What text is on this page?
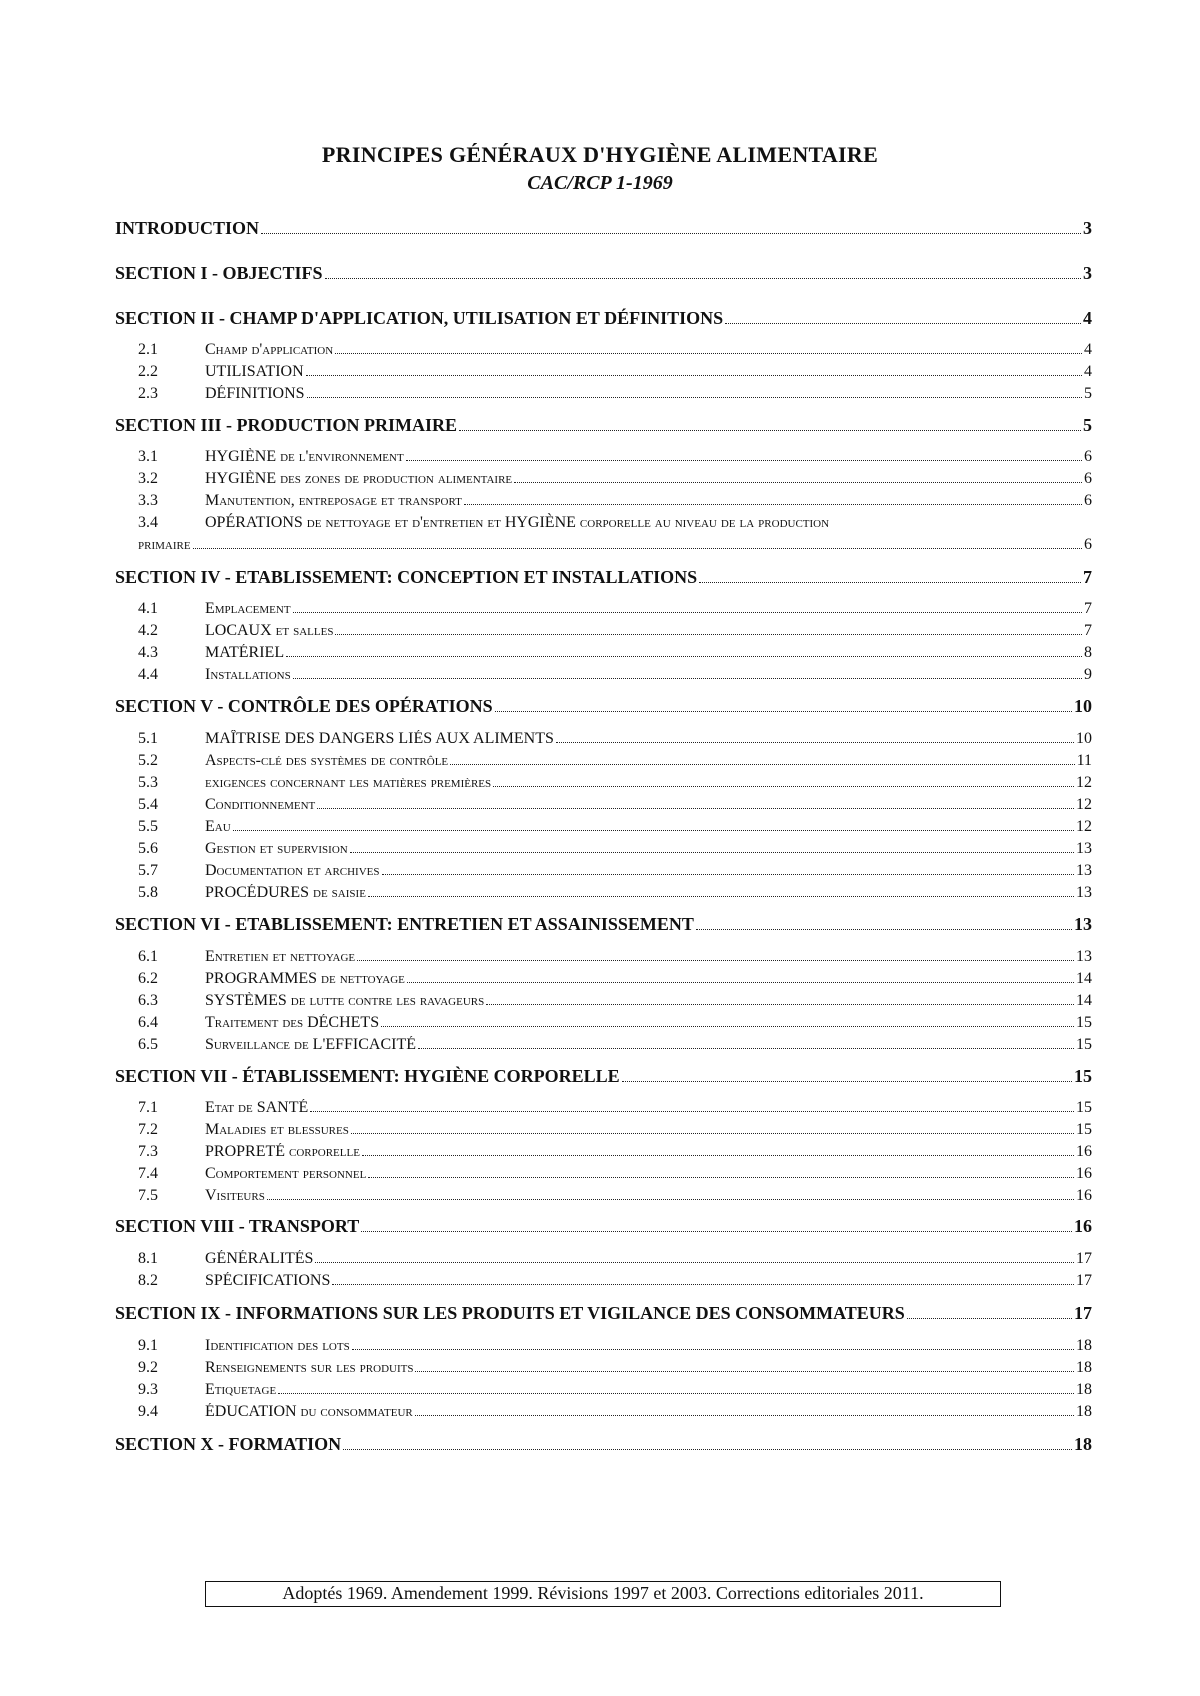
PRINCIPES GÉNÉRAUX D'HYGIÈNE ALIMENTAIRE
CAC/RCP 1-1969
INTRODUCTION	3
SECTION I - OBJECTIFS	3
SECTION II - CHAMP D'APPLICATION, UTILISATION ET DÉFINITIONS	4
2.1	Champ d'application	4
2.2	UTILISATION	4
2.3	DÉFINITIONS	5
SECTION III - PRODUCTION PRIMAIRE	5
3.1	HYGIÈNE de l'environnement	6
3.2	HYGIÈNE des zones de production alimentaire	6
3.3	Manutention, entreposage et transport	6
3.4	OPÉRATIONS de nettoyage et d'entretien et HYGIÈNE corporelle au niveau de la production
primaire	6
SECTION IV - ETABLISSEMENT: CONCEPTION ET INSTALLATIONS	7
4.1	Emplacement	7
4.2	LOCAUX et salles	7
4.3	MATÉRIEL	8
4.4	Installations	9
SECTION V - CONTRÔLE DES OPÉRATIONS	10
5.1	MAÎTRISE DES DANGERS LIÉS AUX ALIMENTS	10
5.2	Aspects-clé des systèmes de contrôle	11
5.3	exigences concernant les matières premières	12
5.4	Conditionnement	12
5.5	Eau	12
5.6	Gestion et supervision	13
5.7	Documentation et archives	13
5.8	PROCÉDURES de saisie	13
SECTION VI - ETABLISSEMENT: ENTRETIEN ET ASSAINISSEMENT	13
6.1	Entretien et nettoyage	13
6.2	PROGRAMMES de nettoyage	14
6.3	SYSTÈMES de lutte contre les ravageurs	14
6.4	Traitement des DÉCHETS	15
6.5	Surveillance de L'EFFICACITÉ	15
SECTION VII - ÉTABLISSEMENT: HYGIÈNE CORPORELLE	15
7.1	Etat de SANTÉ	15
7.2	Maladies et blessures	15
7.3	PROPRETÉ corporelle	16
7.4	Comportement personnel	16
7.5	Visiteurs	16
SECTION VIII - TRANSPORT	16
8.1	GÉNÉRALITÉS	17
8.2	SPÉCIFICATIONS	17
SECTION IX - INFORMATIONS SUR LES PRODUITS ET VIGILANCE DES CONSOMMATEURS	17
9.1	Identification des lots	18
9.2	Renseignements sur les produits	18
9.3	Etiquetage	18
9.4	ÉDUCATION du consommateur	18
SECTION X - FORMATION	18
Adoptés 1969. Amendement 1999. Révisions 1997 et 2003. Corrections editoriales 2011.
